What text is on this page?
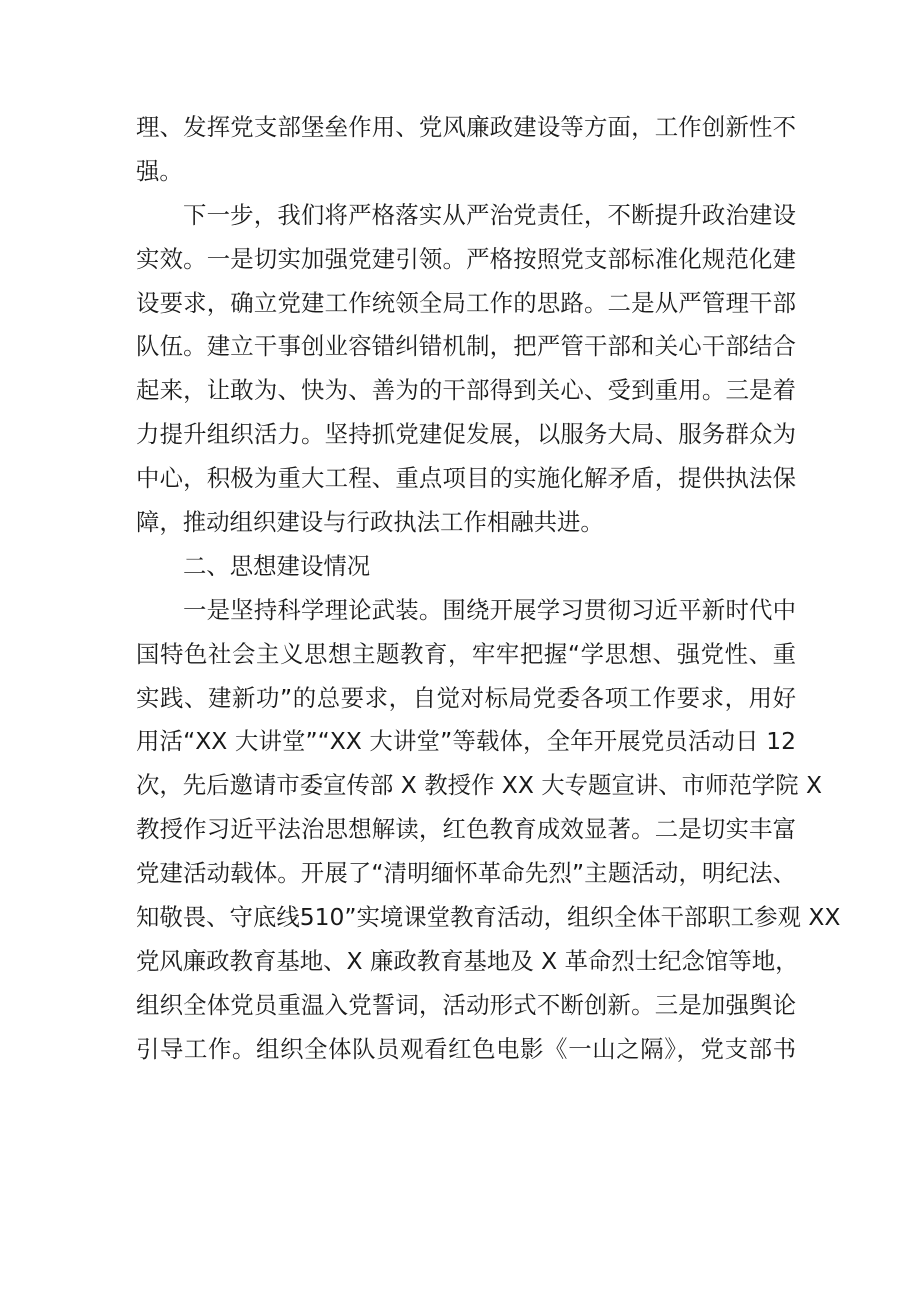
理、发挥党支部堡垒作用、党风廉政建设等方面，工作创新性不
强。
下一步，我们将严格落实从严治党责任，不断提升政治建设
实效。一是切实加强党建引领。严格按照党支部标准化规范化建
设要求，确立党建工作统领全局工作的思路。二是从严管理干部
队伍。建立干事创业容错纠错机制，把严管干部和关心干部结合
起来，让敢为、快为、善为的干部得到关心、受到重用。三是着
力提升组织活力。坚持抓党建促发展，以服务大局、服务群众为
中心，积极为重大工程、重点项目的实施化解矛盾，提供执法保
障，推动组织建设与行政执法工作相融共进。
二、思想建设情况
一是坚持科学理论武装。围绕开展学习贯彻习近平新时代中
国特色社会主义思想主题教育，牢牢把握“学思想、强党性、重
实践、建新功”的总要求，自觉对标局党委各项工作要求，用好
用活“XX 大讲堂”“XX 大讲堂”等载体，全年开展党员活动日 12
次，先后邀请市委宣传部 X 教授作 XX 大专题宣讲、市师范学院 X
教授作习近平法治思想解读，红色教育成效显著。二是切实丰富
党建活动载体。开展了“清明缅怀革命先烈”主题活动，明纪法、
知敬畏、守底线510”实境课堂教育活动，组织全体干部职工参观 XX
党风廉政教育基地、X 廉政教育基地及 X 革命烈士纪念馆等地，
组织全体党员重温入党誓词，活动形式不断创新。三是加强舆论
引导工作。组织全体队员观看红色电影《一山之隔》，党支部书
